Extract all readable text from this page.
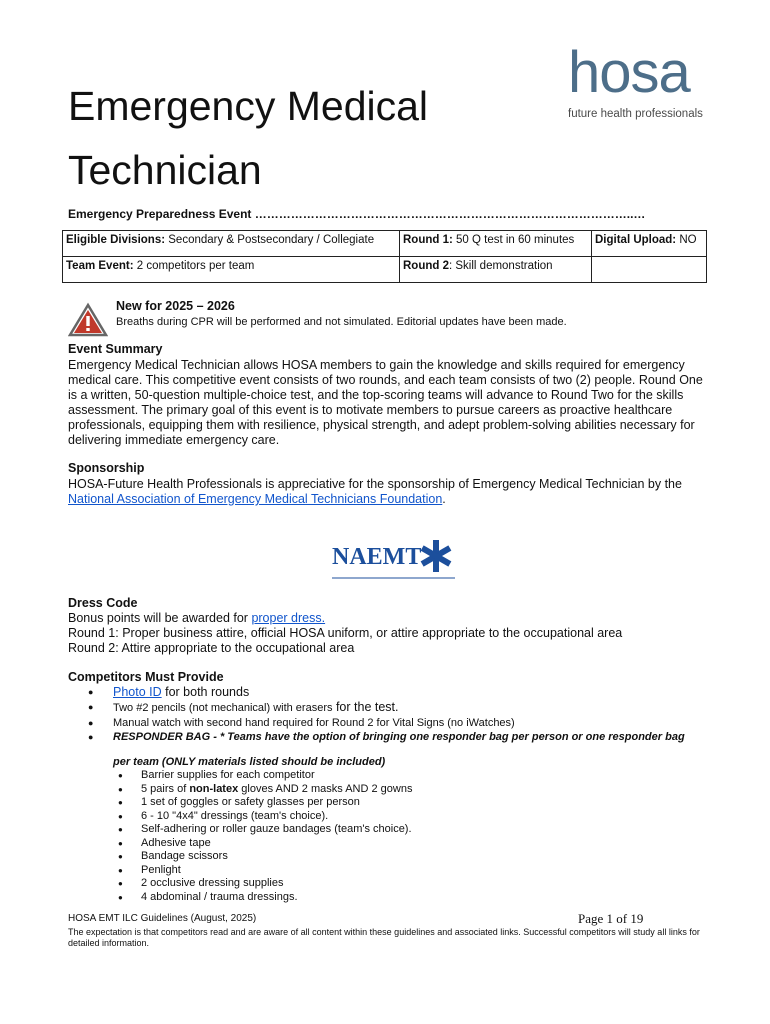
Emergency Medical Technician
hosa
future health professionals
Emergency Preparedness Event …………………………………………………………………………………..…
Eligible Divisions: Secondary & Postsecondary / Collegiate	Round 1: 50 Q test in 60 minutes	Digital Upload: NO
Team Event: 2 competitors per team	Round 2: Skill demonstration	
New for 2025 – 2026
Breaths during CPR will be performed and not simulated. Editorial updates have been made.
Event Summary
Emergency Medical Technician allows HOSA members to gain the knowledge and skills required for emergency medical care. This competitive event consists of two rounds, and each team consists of two (2) people. Round One is a written, 50-question multiple-choice test, and the top-scoring teams will advance to Round Two for the skills assessment. The primary goal of this event is to motivate members to pursue careers as proactive healthcare professionals, equipping them with resilience, physical strength, and adept problem-solving abilities necessary for delivering immediate emergency care.
Sponsorship
HOSA-Future Health Professionals is appreciative for the sponsorship of Emergency Medical Technician by the National Association of Emergency Medical Technicians Foundation.
NAEMT
Dress Code
Bonus points will be awarded for proper dress.
Round 1: Proper business attire, official HOSA uniform, or attire appropriate to the occupational area
Round 2: Attire appropriate to the occupational area
Competitors Must Provide
● Photo ID for both rounds
● Two #2 pencils (not mechanical) with erasers for the test.
● Manual watch with second hand required for Round 2 for Vital Signs (no iWatches)
● RESPONDER BAG - * Teams have the option of bringing one responder bag per person or one responder bag
per team (ONLY materials listed should be included)
● Barrier supplies for each competitor
● 5 pairs of non-latex gloves AND 2 masks AND 2 gowns
● 1 set of goggles or safety glasses per person
● 6 - 10 "4x4" dressings (team's choice).
● Self-adhering or roller gauze bandages (team's choice).
● Adhesive tape
● Bandage scissors
● Penlight
● 2 occlusive dressing supplies
● 4 abdominal / trauma dressings.
HOSA EMT ILC Guidelines (August, 2025)	Page 1 of 19
The expectation is that competitors read and are aware of all content within these guidelines and associated links. Successful competitors will study all links for detailed information.
